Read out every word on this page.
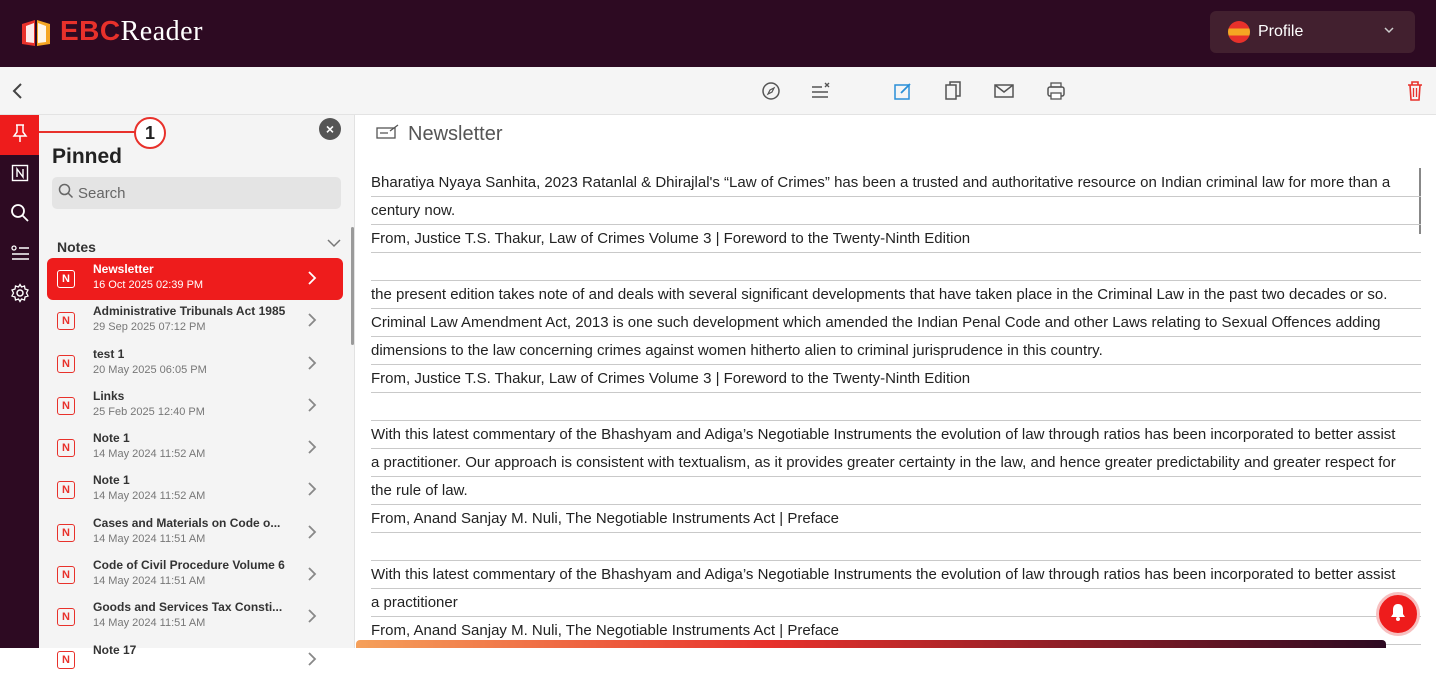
EBCReader	Profile
×
Pinned
Search
Notes
N
Newsletter
16 Oct 2025 02:39 PM
N
Administrative Tribunals Act 1985
29 Sep 2025 07:12 PM
N
test 1
20 May 2025 06:05 PM
N
Links
25 Feb 2025 12:40 PM
N
Note 1
14 May 2024 11:52 AM
N
Note 1
14 May 2024 11:52 AM
N
Cases and Materials on Code o...
14 May 2024 11:51 AM
N
Code of Civil Procedure Volume 6
14 May 2024 11:51 AM
N
Goods and Services Tax Consti...
14 May 2024 11:51 AM
N
Note 17
1	Newsletter
Bharatiya Nyaya Sanhita, 2023 Ratanlal & Dhirajlal's “Law of Crimes” has been a trusted and authoritative resource on Indian criminal law for more than a
century now.
From, Justice T.S. Thakur, Law of Crimes Volume 3 | Foreword to the Twenty-Ninth Edition
the present edition takes note of and deals with several significant developments that have taken place in the Criminal Law in the past two decades or so.
Criminal Law Amendment Act, 2013 is one such development which amended the Indian Penal Code and other Laws relating to Sexual Offences adding
dimensions to the law concerning crimes against women hitherto alien to criminal jurisprudence in this country.
From, Justice T.S. Thakur, Law of Crimes Volume 3 | Foreword to the Twenty-Ninth Edition
With this latest commentary of the Bhashyam and Adiga’s Negotiable Instruments the evolution of law through ratios has been incorporated to better assist
a practitioner. Our approach is consistent with textualism, as it provides greater certainty in the law, and hence greater predictability and greater respect for
the rule of law.
From, Anand Sanjay M. Nuli, The Negotiable Instruments Act | Preface
With this latest commentary of the Bhashyam and Adiga’s Negotiable Instruments the evolution of law through ratios has been incorporated to better assist
a practitioner
From, Anand Sanjay M. Nuli, The Negotiable Instruments Act | Preface
